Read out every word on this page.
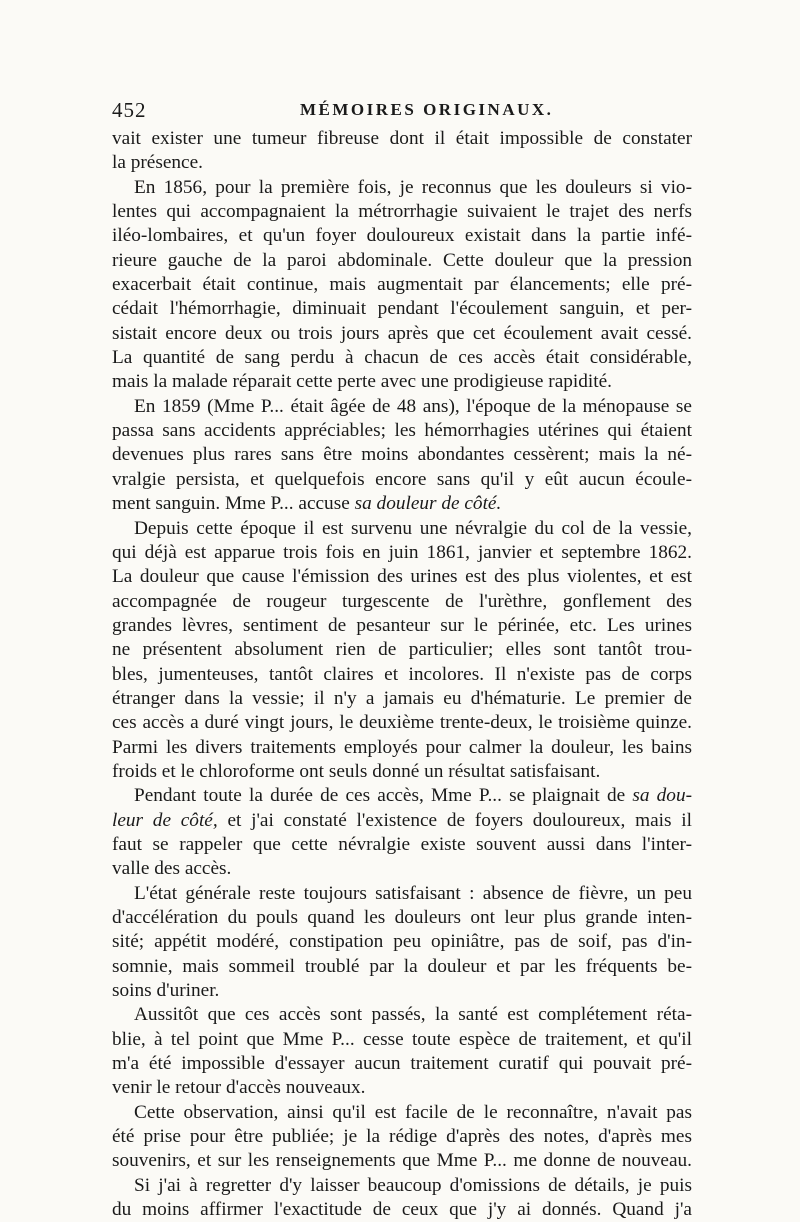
452	MÉMOIRES ORIGINAUX.
vait exister une tumeur fibreuse dont il était impossible de constater
la présence.
En 1856, pour la première fois, je reconnus que les douleurs si vio-
lentes qui accompagnaient la métrorrhagie suivaient le trajet des nerfs
iléo-lombaires, et qu'un foyer douloureux existait dans la partie infé-
rieure gauche de la paroi abdominale. Cette douleur que la pression
exacerbait était continue, mais augmentait par élancements; elle pré-
cédait l'hémorrhagie, diminuait pendant l'écoulement sanguin, et per-
sistait encore deux ou trois jours après que cet écoulement avait cessé.
La quantité de sang perdu à chacun de ces accès était considérable,
mais la malade réparait cette perte avec une prodigieuse rapidité.
En 1859 (Mme P... était âgée de 48 ans), l'époque de la ménopause se
passa sans accidents appréciables; les hémorrhagies utérines qui étaient
devenues plus rares sans être moins abondantes cessèrent; mais la né-
vralgie persista, et quelquefois encore sans qu'il y eût aucun écoule-
ment sanguin. Mme P... accuse sa douleur de côté.
Depuis cette époque il est survenu une névralgie du col de la vessie,
qui déjà est apparue trois fois en juin 1861, janvier et septembre 1862.
La douleur que cause l'émission des urines est des plus violentes, et est
accompagnée de rougeur turgescente de l'urèthre, gonflement des
grandes lèvres, sentiment de pesanteur sur le périnée, etc. Les urines
ne présentent absolument rien de particulier; elles sont tantôt trou-
bles, jumenteuses, tantôt claires et incolores. Il n'existe pas de corps
étranger dans la vessie; il n'y a jamais eu d'hématurie. Le premier de
ces accès a duré vingt jours, le deuxième trente-deux, le troisième quinze.
Parmi les divers traitements employés pour calmer la douleur, les bains
froids et le chloroforme ont seuls donné un résultat satisfaisant.
Pendant toute la durée de ces accès, Mme P... se plaignait de sa dou-
leur de côté, et j'ai constaté l'existence de foyers douloureux, mais il
faut se rappeler que cette névralgie existe souvent aussi dans l'inter-
valle des accès.
L'état générale reste toujours satisfaisant : absence de fièvre, un peu
d'accélération du pouls quand les douleurs ont leur plus grande inten-
sité; appétit modéré, constipation peu opiniâtre, pas de soif, pas d'in-
somnie, mais sommeil troublé par la douleur et par les fréquents be-
soins d'uriner.
Aussitôt que ces accès sont passés, la santé est complétement réta-
blie, à tel point que Mme P... cesse toute espèce de traitement, et qu'il
m'a été impossible d'essayer aucun traitement curatif qui pouvait pré-
venir le retour d'accès nouveaux.
Cette observation, ainsi qu'il est facile de le reconnaître, n'avait pas
été prise pour être publiée; je la rédige d'après des notes, d'après mes
souvenirs, et sur les renseignements que Mme P... me donne de nouveau.
Si j'ai à regretter d'y laisser beaucoup d'omissions de détails, je puis
du moins affirmer l'exactitude de ceux que j'y ai donnés. Quand j'a
